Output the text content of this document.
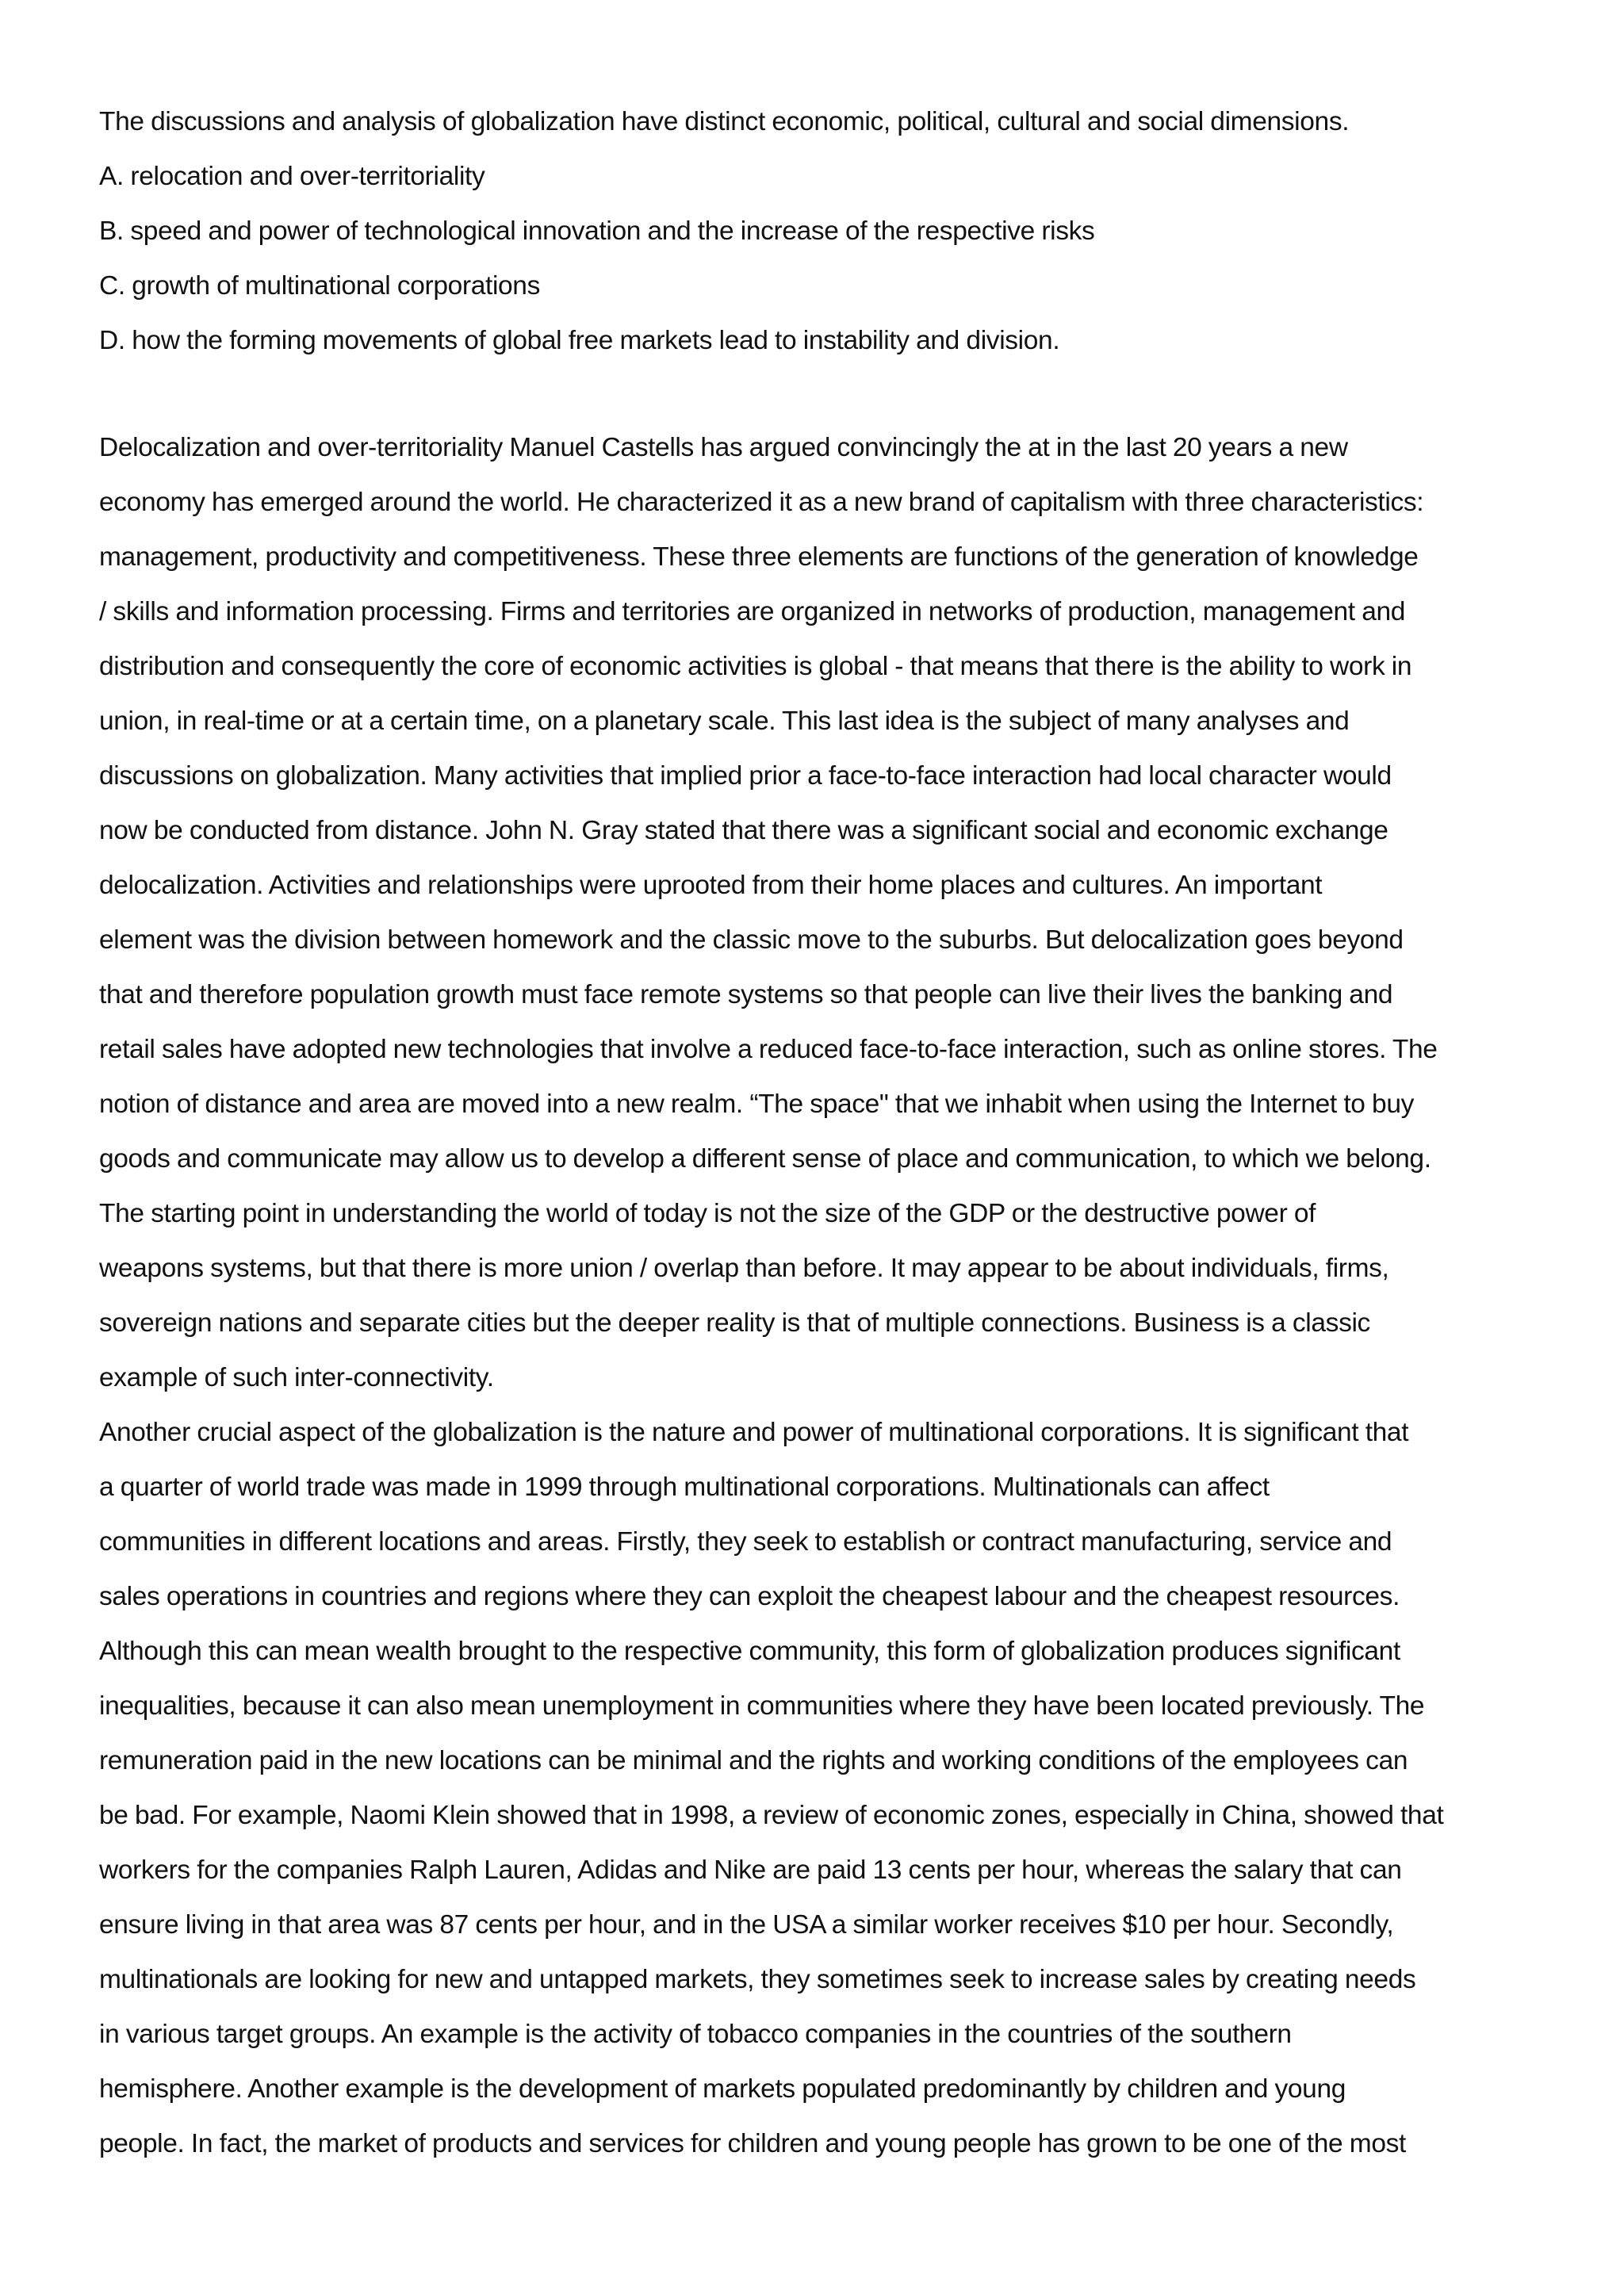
The discussions and analysis of globalization have distinct economic, political, cultural and social dimensions.

A. relocation and over-territoriality

B. speed and power of technological innovation and the increase of the respective risks

C. growth of multinational corporations

D. how the forming movements of global free markets lead to instability and division.

Delocalization and over-territoriality Manuel Castells has argued convincingly the at in the last 20 years a new

economy has emerged around the world. He characterized it as a new brand of capitalism with three characteristics:

management, productivity and competitiveness. These three elements are functions of the generation of knowledge

/ skills and information processing. Firms and territories are organized in networks of production, management and

distribution and consequently the core of economic activities is global - that means that there is the ability to work in

union, in real-time or at a certain time, on a planetary scale. This last idea is the subject of many analyses and

discussions on globalization. Many activities that implied prior a face-to-face interaction had local character would

now be conducted from distance. John N. Gray stated that there was a significant social and economic exchange

delocalization. Activities and relationships were uprooted from their home places and cultures. An important

element was the division between homework and the classic move to the suburbs. But delocalization goes beyond

that and therefore population growth must face remote systems so that people can live their lives the banking and

retail sales have adopted new technologies that involve a reduced face-to-face interaction, such as online stores. The

notion of distance and area are moved into a new realm. “The space" that we inhabit when using the Internet to buy

goods and communicate may allow us to develop a different sense of place and communication, to which we belong.

The starting point in understanding the world of today is not the size of the GDP or the destructive power of

weapons systems, but that there is more union / overlap than before. It may appear to be about individuals, firms,

sovereign nations and separate cities but the deeper reality is that of multiple connections. Business is a classic

example of such inter-connectivity.

Another crucial aspect of the globalization is the nature and power of multinational corporations. It is significant that

a quarter of world trade was made in 1999 through multinational corporations. Multinationals can affect

communities in different locations and areas. Firstly, they seek to establish or contract manufacturing, service and

sales operations in countries and regions where they can exploit the cheapest labour and the cheapest resources.

Although this can mean wealth brought to the respective community, this form of globalization produces significant

inequalities, because it can also mean unemployment in communities where they have been located previously. The

remuneration paid in the new locations can be minimal and the rights and working conditions of the employees can

be bad. For example, Naomi Klein showed that in 1998, a review of economic zones, especially in China, showed that

workers for the companies Ralph Lauren, Adidas and Nike are paid 13 cents per hour, whereas the salary that can

ensure living in that area was 87 cents per hour, and in the USA a similar worker receives $10 per hour. Secondly,

multinationals are looking for new and untapped markets, they sometimes seek to increase sales by creating needs

in various target groups. An example is the activity of tobacco companies in the countries of the southern

hemisphere. Another example is the development of markets populated predominantly by children and young

people. In fact, the market of products and services for children and young people has grown to be one of the most
